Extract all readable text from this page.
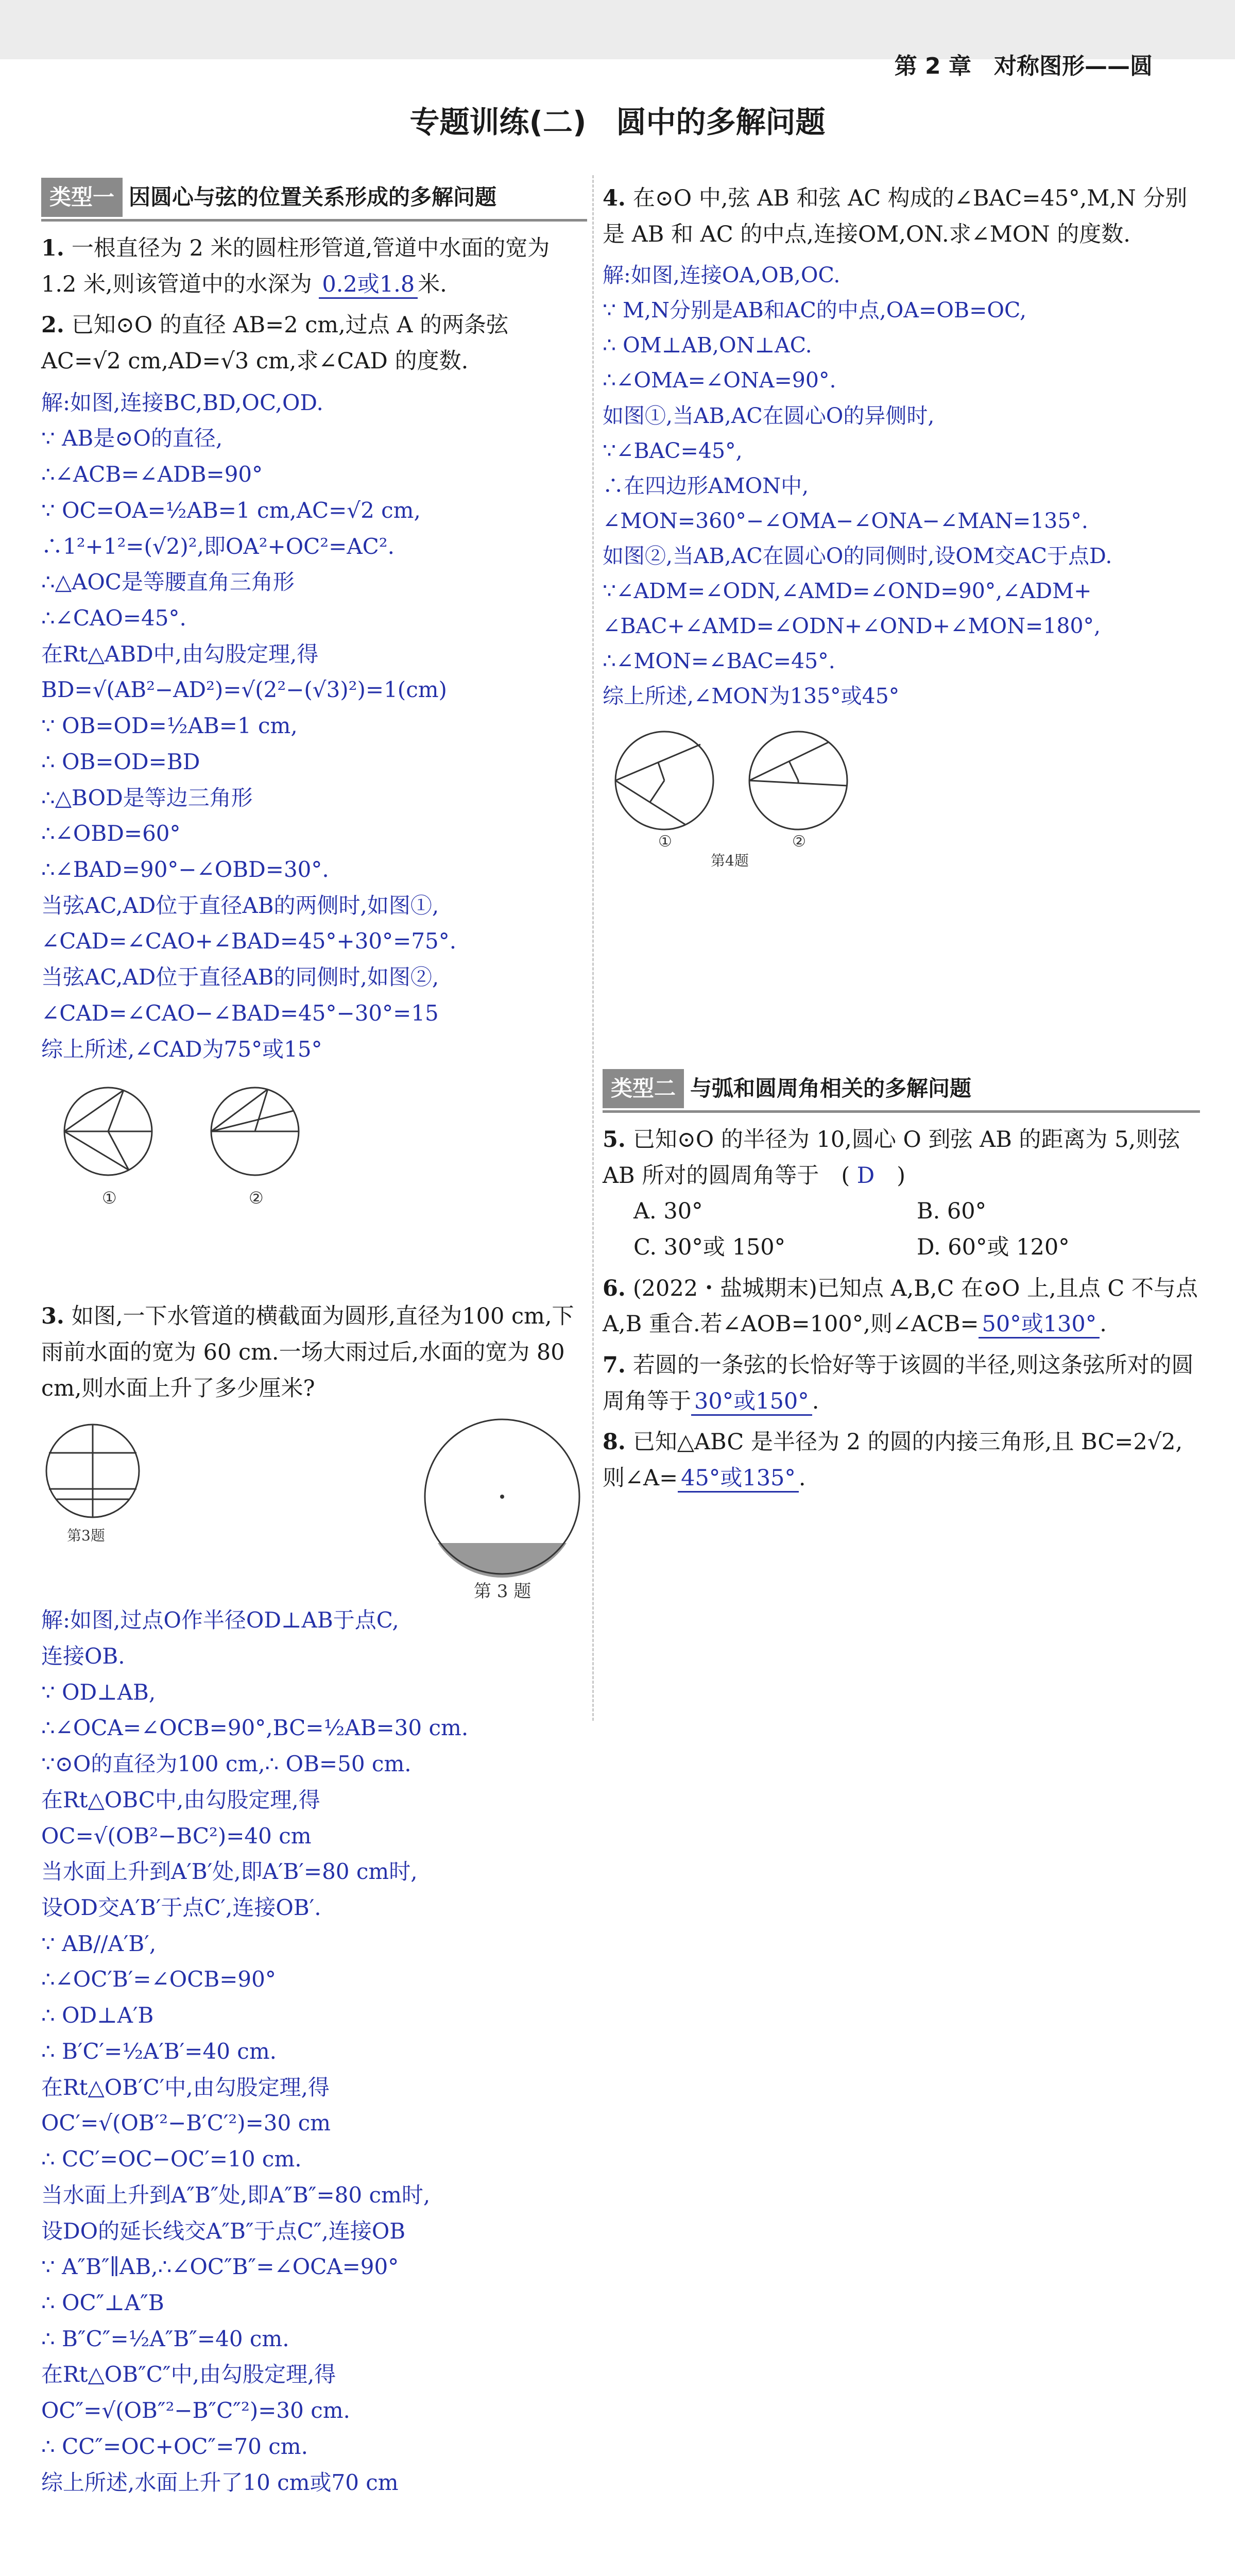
第 2 章　对称图形——圆
专题训练(二)　圆中的多解问题
类型一 因圆心与弦的位置关系形成的多解问题
1. 一根直径为 2 米的圆柱形管道,管道中水面的宽为 1.2 米,则该管道中的水深为 0.2或1.8 米.
2. 已知⊙O 的直径 AB=2 cm,过点 A 的两条弦 AC=√2 cm,AD=√3 cm,求∠CAD 的度数.
解:如图,连接BC,BD,OC,OD.
∵ AB是⊙O的直径,
∴∠ACB=∠ADB=90°
∵ OC=OA=½AB=1 cm,AC=√2 cm,
∴1²+1²=(√2)²,即OA²+OC²=AC².
∴△AOC是等腰直角三角形
∴∠CAO=45°.
在Rt△ABD中,由勾股定理,得
BD=√(AB²−AD²)=√(2²−(√3)²)=1(cm)
∵ OB=OD=½AB=1 cm,
∴ OB=OD=BD
∴△BOD是等边三角形
∴∠OBD=60°
∴∠BAD=90°−∠OBD=30°.
当弦AC,AD位于直径AB的两侧时,如图①,
∠CAD=∠CAO+∠BAD=45°+30°=75°.
当弦AC,AD位于直径AB的同侧时,如图②,
∠CAD=∠CAO−∠BAD=45°−30°=15
综上所述,∠CAD为75°或15°
①	②
3. 如图,一下水管道的横截面为圆形,直径为100 cm,下雨前水面的宽为 60 cm.一场大雨过后,水面的宽为 80 cm,则水面上升了多少厘米?
第3题
第 3 题
解:如图,过点O作半径OD⊥AB于点C,
连接OB.
∵ OD⊥AB,
∴∠OCA=∠OCB=90°,BC=½AB=30 cm.
∵⊙O的直径为100 cm,∴ OB=50 cm.
在Rt△OBC中,由勾股定理,得
OC=√(OB²−BC²)=40 cm
当水面上升到A′B′处,即A′B′=80 cm时,
设OD交A′B′于点C′,连接OB′.
∵ AB//A′B′,
∴∠OC′B′=∠OCB=90°
∴ OD⊥A′B
∴ B′C′=½A′B′=40 cm.
在Rt△OB′C′中,由勾股定理,得
OC′=√(OB′²−B′C′²)=30 cm
∴ CC′=OC−OC′=10 cm.
当水面上升到A″B″处,即A″B″=80 cm时,
设DO的延长线交A″B″于点C″,连接OB
∵ A″B″∥AB,∴∠OC″B″=∠OCA=90°
∴ OC″⊥A″B
∴ B″C″=½A″B″=40 cm.
在Rt△OB″C″中,由勾股定理,得
OC″=√(OB″²−B″C″²)=30 cm.
∴ CC″=OC+OC″=70 cm.
综上所述,水面上升了10 cm或70 cm
4. 在⊙O 中,弦 AB 和弦 AC 构成的∠BAC=45°,M,N 分别是 AB 和 AC 的中点,连接OM,ON.求∠MON 的度数.
解:如图,连接OA,OB,OC.
∵ M,N分别是AB和AC的中点,OA=OB=OC,
∴ OM⊥AB,ON⊥AC.
∴∠OMA=∠ONA=90°.
如图①,当AB,AC在圆心O的异侧时,
∵∠BAC=45°,
∴在四边形AMON中,
∠MON=360°−∠OMA−∠ONA−∠MAN=135°.
如图②,当AB,AC在圆心O的同侧时,设OM交AC于点D.
∵∠ADM=∠ODN,∠AMD=∠OND=90°,∠ADM+
∠BAC+∠AMD=∠ODN+∠OND+∠MON=180°,
∴∠MON=∠BAC=45°.
综上所述,∠MON为135°或45°
①	②
第4题
类型二 与弧和圆周角相关的多解问题
5. 已知⊙O 的半径为 10,圆心 O 到弦 AB 的距离为 5,则弦 AB 所对的圆周角等于　( D　 )
A. 30°	B. 60°
C. 30°或 150°	D. 60°或 120°
6. (2022・盐城期末)已知点 A,B,C 在⊙O 上,且点 C 不与点 A,B 重合.若∠AOB=100°,则∠ACB= 50°或130° .
7. 若圆的一条弦的长恰好等于该圆的半径,则这条弦所对的圆周角等于 30°或150° .
8. 已知△ABC 是半径为 2 的圆的内接三角形,且 BC=2√2,则∠A= 45°或135° .
